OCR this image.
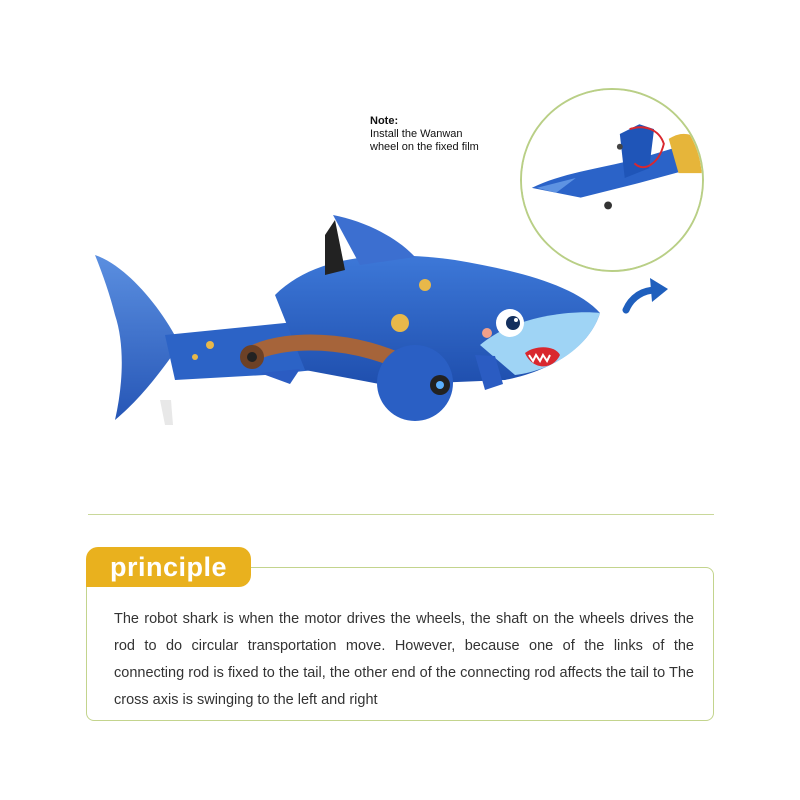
Note:
Install the Wanwan
wheel on the fixed film
principle
The robot shark is when the motor drives the wheels, the shaft on the wheels drives the rod to do circular transportation move. However, because one of the links of the connecting rod is fixed to the tail, the other end of the connecting rod affects the tail to The cross axis is swinging to the left and right
